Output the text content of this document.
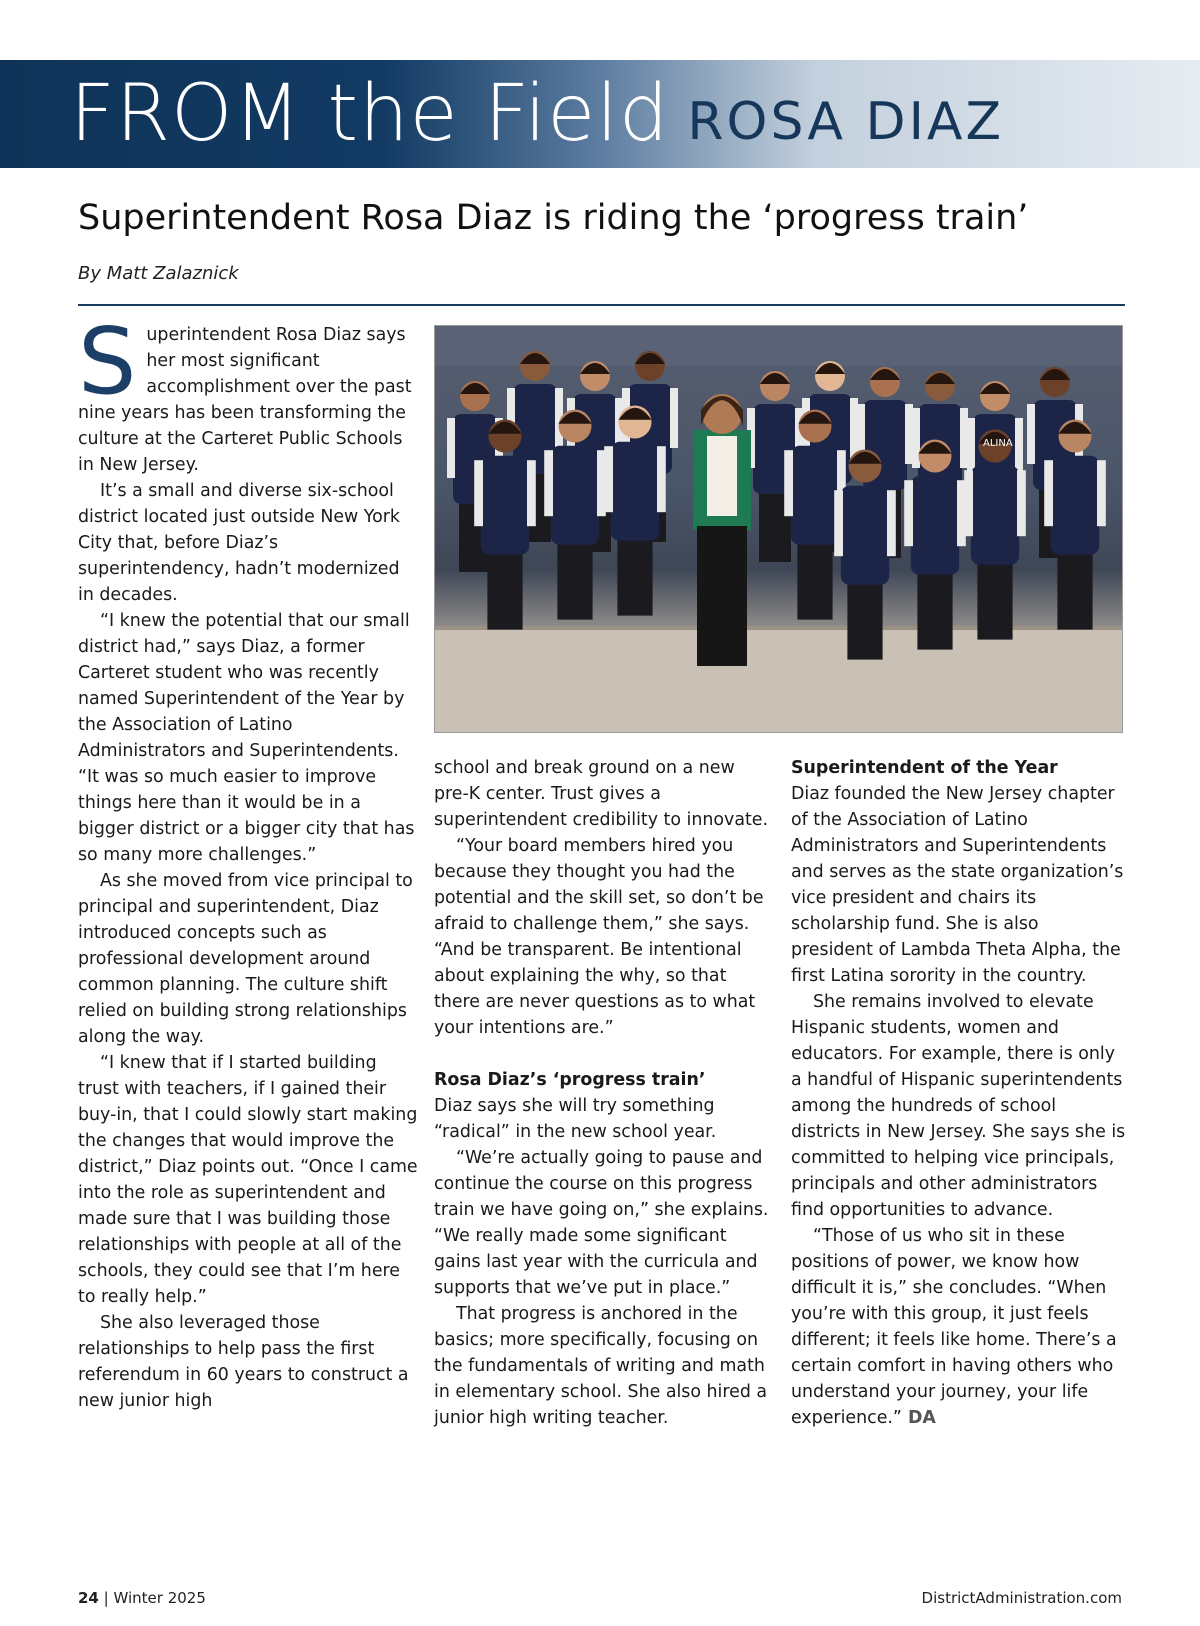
FROM the Field ROSA DIAZ
Superintendent Rosa Diaz is riding the ‘progress train’
By Matt Zalaznick

Superintendent Rosa Diaz says her most significant accomplishment over the past nine years has been transforming the culture at the Carteret Public Schools in New Jersey.

It’s a small and diverse six-school district located just outside New York City that, before Diaz’s superintendency, hadn’t modernized in decades.

“I knew the potential that our small district had,” says Diaz, a former Carteret student who was recently named Superintendent of the Year by the Association of Latino Administrators and Superintendents. “It was so much easier to improve things here than it would be in a bigger district or a bigger city that has so many more challenges.”

As she moved from vice principal to principal and superintendent, Diaz introduced concepts such as professional development around common planning. The culture shift relied on building strong relationships along the way.

“I knew that if I started building trust with teachers, if I gained their buy-in, that I could slowly start making the changes that would improve the district,” Diaz points out. “Once I came into the role as superintendent and made sure that I was building those relationships with people at all of the schools, they could see that I’m here to really help.”

She also leveraged those relationships to help pass the first referendum in 60 years to construct a new junior high

ALINA

school and break ground on a new pre-K center. Trust gives a superintendent credibility to innovate.

“Your board members hired you because they thought you had the potential and the skill set, so don’t be afraid to challenge them,” she says. “And be transparent. Be intentional about explaining the why, so that there are never questions as to what your intentions are.”

Rosa Diaz’s ‘progress train’

Diaz says she will try something “radical” in the new school year.

“We’re actually going to pause and continue the course on this progress train we have going on,” she explains. “We really made some significant gains last year with the curricula and supports that we’ve put in place.”

That progress is anchored in the basics; more specifically, focusing on the fundamentals of writing and math in elementary school. She also hired a junior high writing teacher.

Superintendent of the Year

Diaz founded the New Jersey chapter of the Association of Latino Administrators and Superintendents and serves as the state organization’s vice president and chairs its scholarship fund. She is also president of Lambda Theta Alpha, the first Latina sorority in the country.

She remains involved to elevate Hispanic students, women and educators. For example, there is only a handful of Hispanic superintendents among the hundreds of school districts in New Jersey. She says she is committed to helping vice principals, principals and other administrators find opportunities to advance.

“Those of us who sit in these positions of power, we know how difficult it is,” she concludes. “When you’re with this group, it just feels different; it feels like home. There’s a certain comfort in having others who understand your journey, your life experience.” DA

24 | Winter 2025	DistrictAdministration.com
